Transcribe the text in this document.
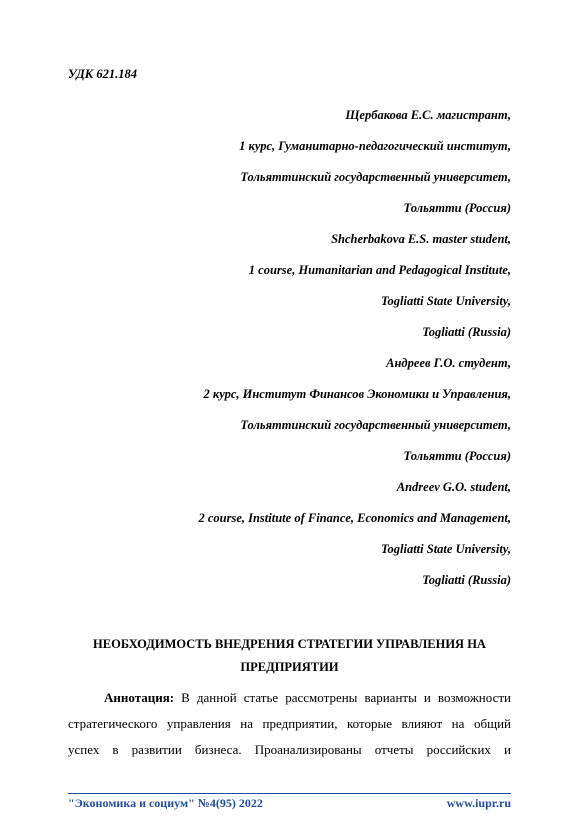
УДК 621.184
Щербакова Е.С. магистрант,
1 курс, Гуманитарно-педагогический институт,
Тольяттинский государственный университет,
Тольятти (Россия)
Shcherbakova E.S. master student,
1 course, Humanitarian and Pedagogical Institute,
Togliatti State University,
Togliatti (Russia)
Андреев Г.О. студент,
2 курс, Институт Финансов Экономики и Управления,
Тольяттинский государственный университет,
Тольятти (Россия)
Andreev G.O. student,
2 course, Institute of Finance, Economics and Management,
Togliatti State University,
Togliatti (Russia)
НЕОБХОДИМОСТЬ ВНЕДРЕНИЯ СТРАТЕГИИ УПРАВЛЕНИЯ НА
ПРЕДПРИЯТИИ
Аннотация: В данной статье рассмотрены варианты и возможности
стратегического управления на предприятии, которые влияют на общий
успех в развитии бизнеса. Проанализированы отчеты российских и
"Экономика и социум" №4(95) 2022	www.iupr.ru
